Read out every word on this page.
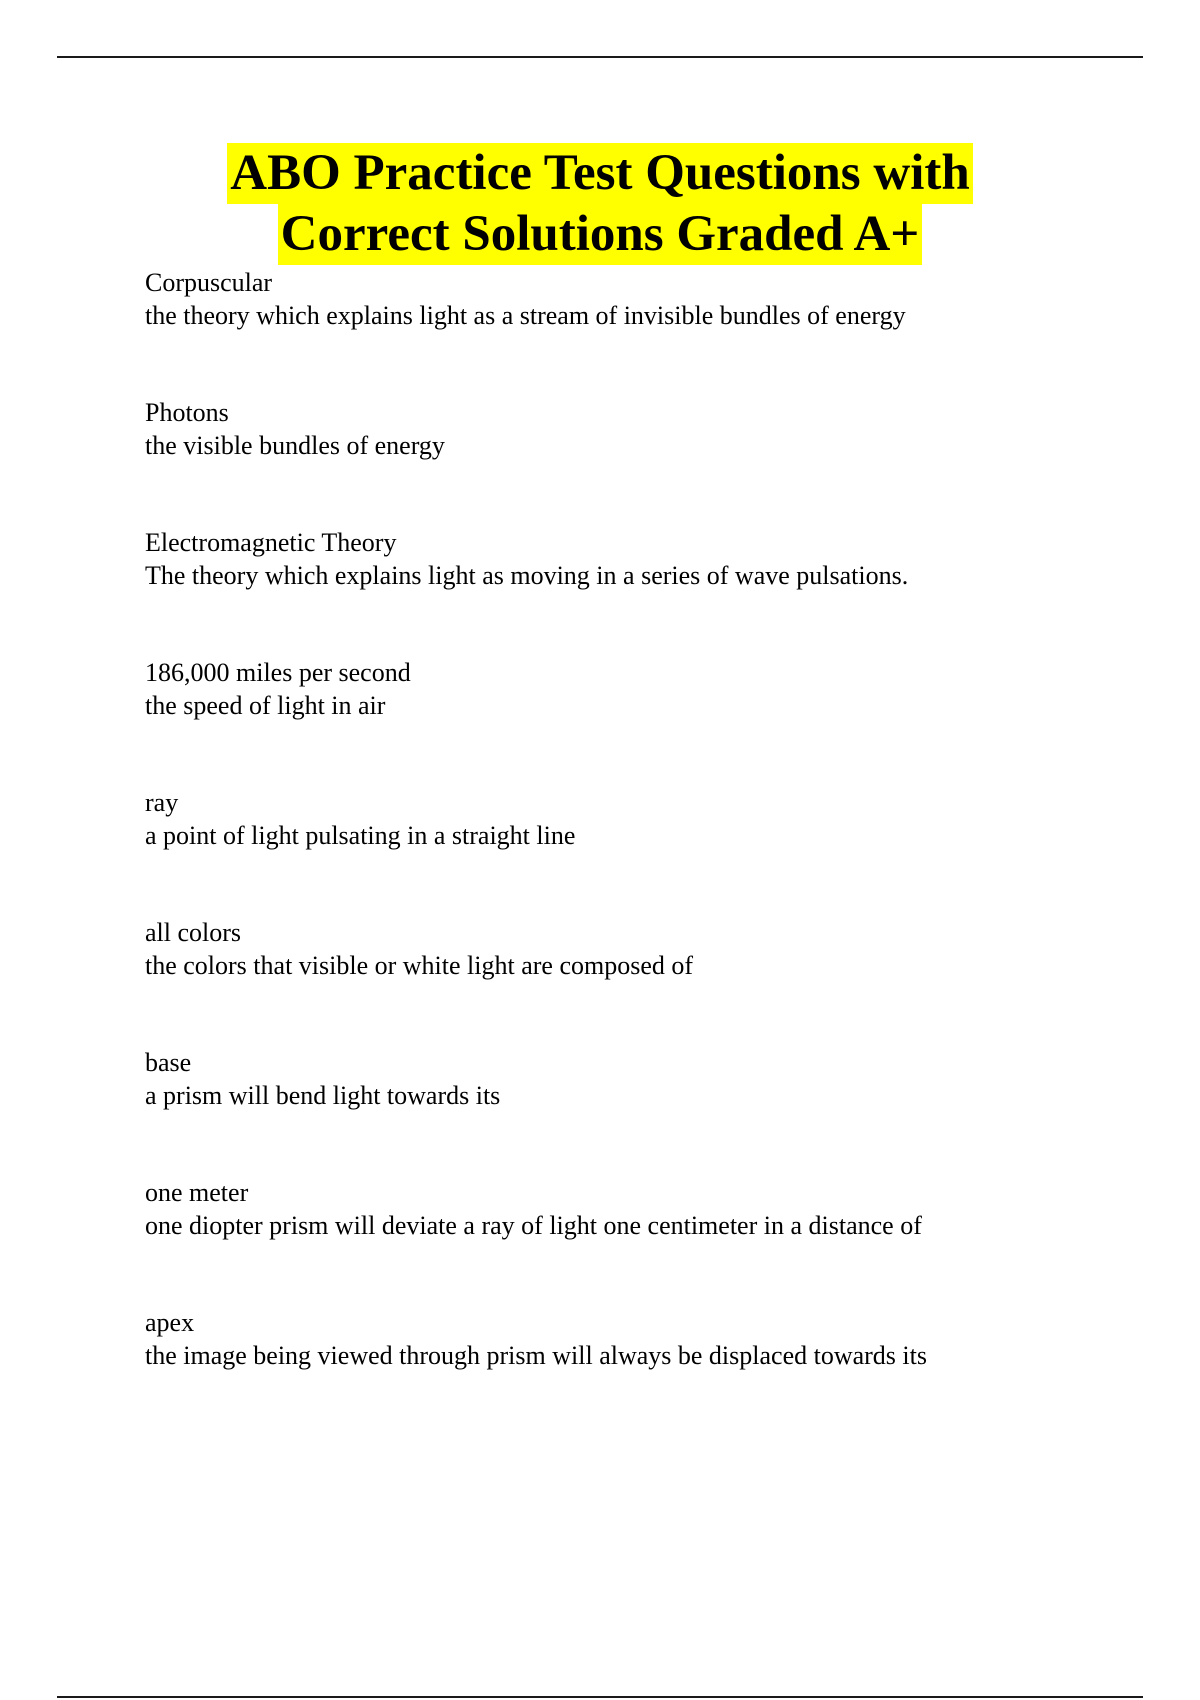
ABO Practice Test Questions with
Correct Solutions Graded A+
Corpuscular
the theory which explains light as a stream of invisible bundles of energy
Photons
the visible bundles of energy
Electromagnetic Theory
The theory which explains light as moving in a series of wave pulsations.
186,000 miles per second
the speed of light in air
ray
a point of light pulsating in a straight line
all colors
the colors that visible or white light are composed of
base
a prism will bend light towards its
one meter
one diopter prism will deviate a ray of light one centimeter in a distance of
apex
the image being viewed through prism will always be displaced towards its
